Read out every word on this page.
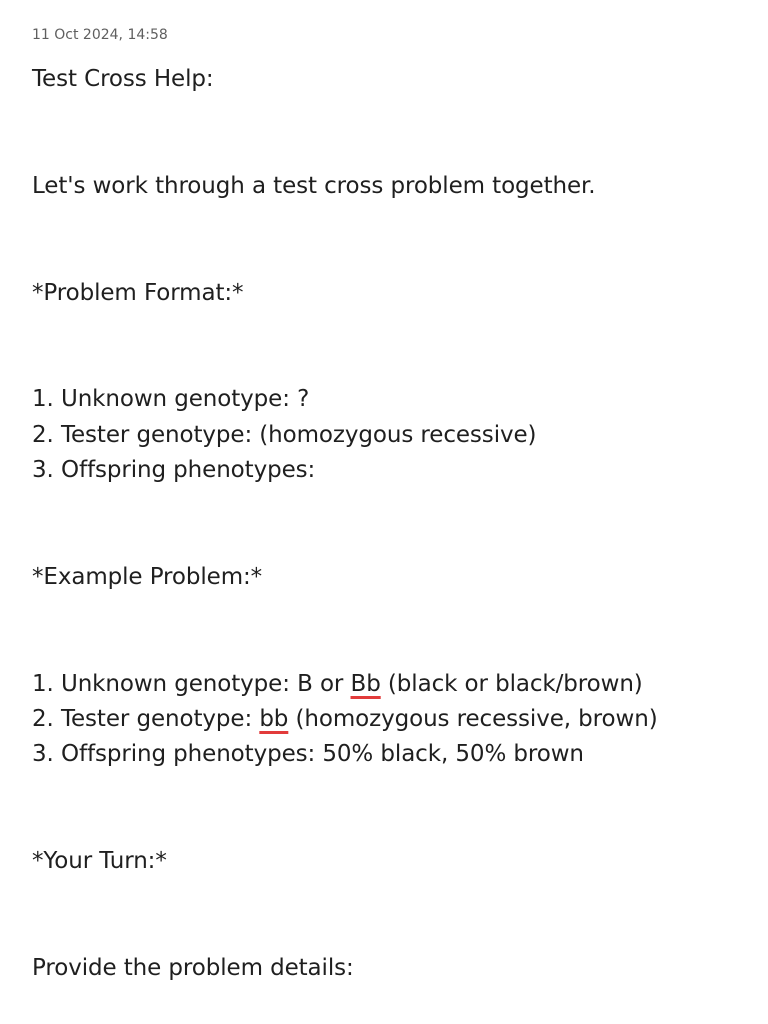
11 Oct 2024, 14:58
Test Cross Help:
Let's work through a test cross problem together.
*Problem Format:*
1. Unknown genotype: ?
2. Tester genotype: (homozygous recessive)
3. Offspring phenotypes:
*Example Problem:*
1. Unknown genotype: B or Bb (black or black/brown)
2. Tester genotype: bb (homozygous recessive, brown)
3. Offspring phenotypes: 50% black, 50% brown
*Your Turn:*
Provide the problem details:
